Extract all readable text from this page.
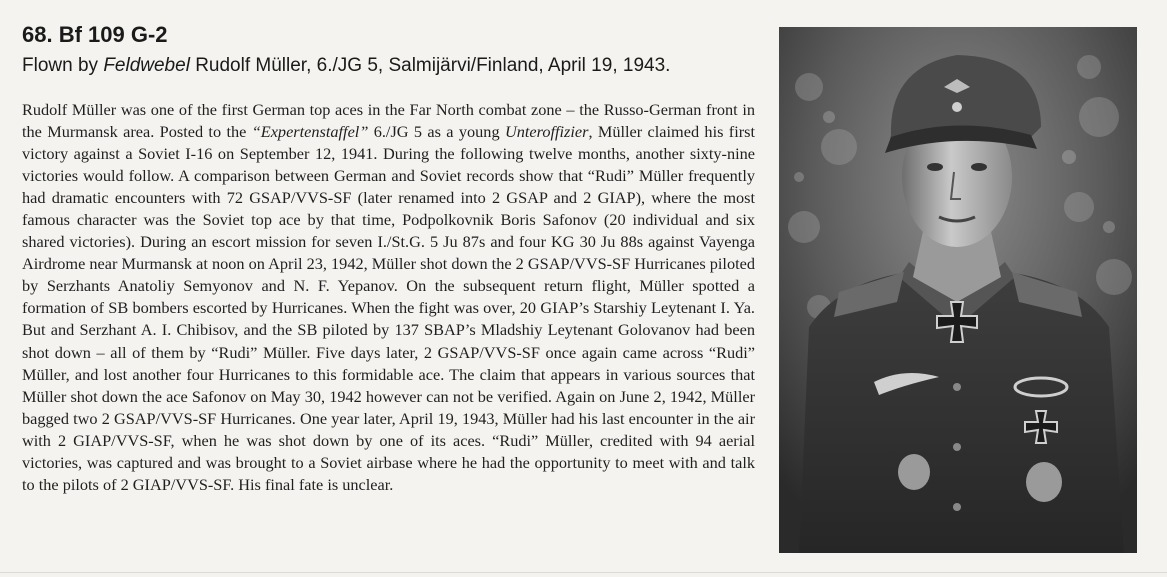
68. Bf 109 G-2
Flown by Feldwebel Rudolf Müller, 6./JG 5, Salmijärvi/Finland, April 19, 1943.

Rudolf Müller was one of the first German top aces in the Far North combat zone – the Russo-German front in the Murmansk area. Posted to the “Expertenstaffel” 6./JG 5 as a young Unteroffizier, Müller claimed his first victory against a Soviet I-16 on September 12, 1941. During the following twelve months, another sixty-nine victories would follow. A comparison between German and Soviet records show that “Rudi” Müller frequently had dramatic encounters with 72 GSAP/VVS-SF (later renamed into 2 GSAP and 2 GIAP), where the most famous character was the Soviet top ace by that time, Podpolkovnik Boris Safonov (20 individual and six shared victories). During an escort mission for seven I./St.G. 5 Ju 87s and four KG 30 Ju 88s against Vayenga Airdrome near Murmansk at noon on April 23, 1942, Müller shot down the 2 GSAP/VVS-SF Hurricanes piloted by Serzhants Anatoliy Semyonov and N. F. Yepanov. On the subsequent return flight, Müller spotted a formation of SB bombers escorted by Hurricanes. When the fight was over, 20 GIAP’s Starshiy Leytenant I. Ya. But and Serzhant A. I. Chibisov, and the SB piloted by 137 SBAP’s Mladshiy Leytenant Golovanov had been shot down – all of them by “Rudi” Müller. Five days later, 2 GSAP/VVS-SF once again came across “Rudi” Müller, and lost another four Hurricanes to this formidable ace. The claim that appears in various sources that Müller shot down the ace Safonov on May 30, 1942 however can not be verified. Again on June 2, 1942, Müller bagged two 2 GSAP/VVS-SF Hurricanes. One year later, April 19, 1943, Müller had his last encounter in the air with 2 GIAP/VVS-SF, when he was shot down by one of its aces. “Rudi” Müller, credited with 94 aerial victories, was captured and was brought to a Soviet airbase where he had the opportunity to meet with and talk to the pilots of 2 GIAP/VVS-SF. His final fate is unclear.
